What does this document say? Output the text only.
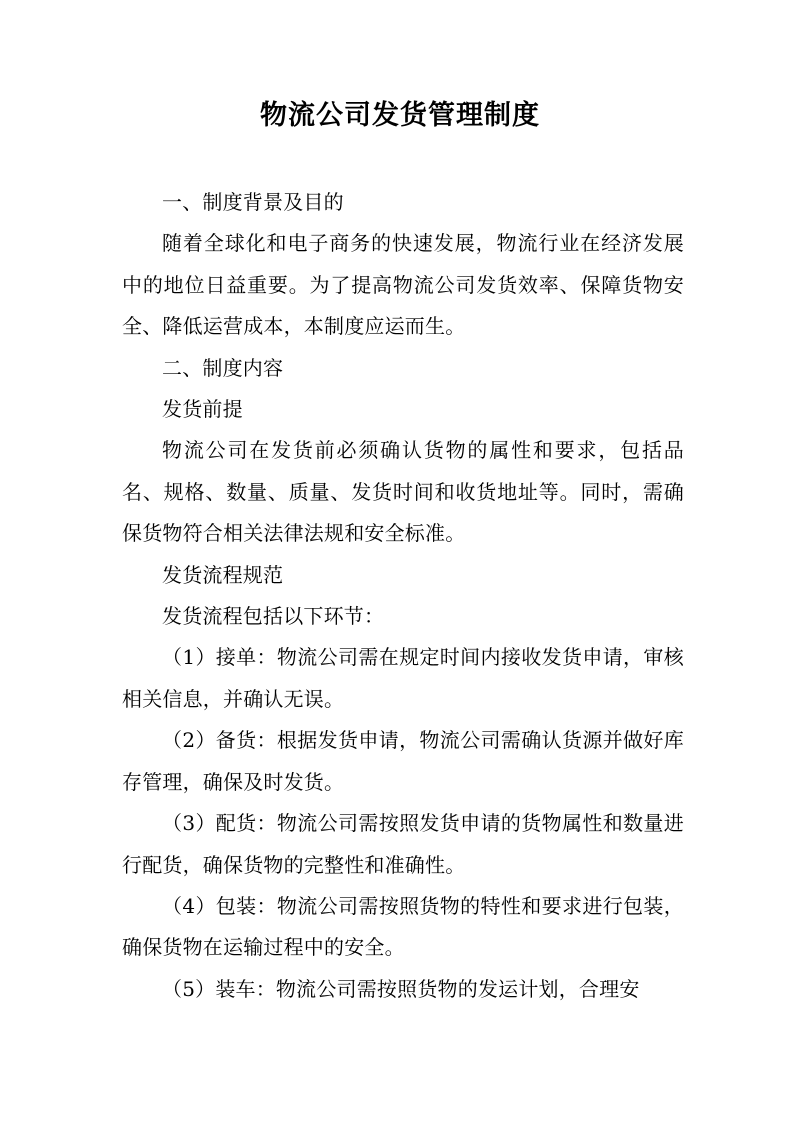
物流公司发货管理制度

一、制度背景及目的

随着全球化和电子商务的快速发展，物流行业在经济发展中的地位日益重要。为了提高物流公司发货效率、保障货物安全、降低运营成本，本制度应运而生。

二、制度内容

发货前提

物流公司在发货前必须确认货物的属性和要求，包括品名、规格、数量、质量、发货时间和收货地址等。同时，需确保货物符合相关法律法规和安全标准。

发货流程规范

发货流程包括以下环节：

（1）接单：物流公司需在规定时间内接收发货申请，审核相关信息，并确认无误。

（2）备货：根据发货申请，物流公司需确认货源并做好库存管理，确保及时发货。

（3）配货：物流公司需按照发货申请的货物属性和数量进行配货，确保货物的完整性和准确性。

（4）包装：物流公司需按照货物的特性和要求进行包装，确保货物在运输过程中的安全。

（5）装车：物流公司需按照货物的发运计划，合理安
